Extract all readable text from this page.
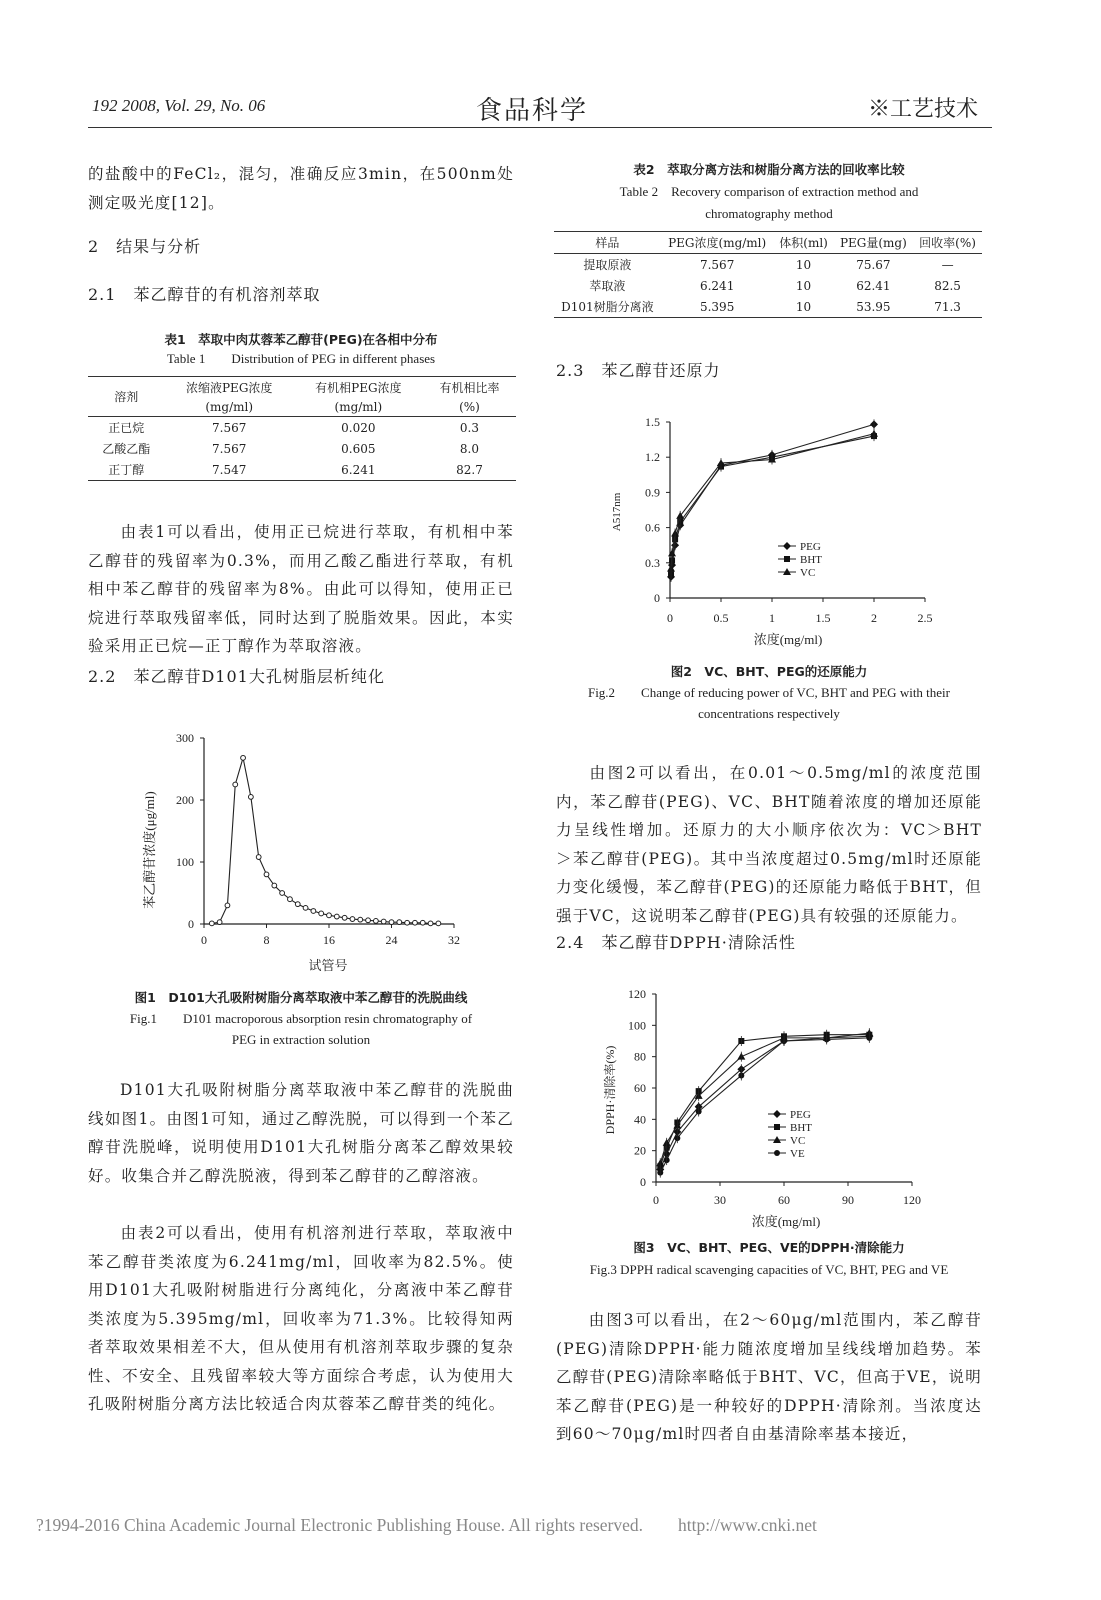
192 2008, Vol. 29, No. 06	食品科学	※工艺技术
的盐酸中的FeCl₂，混匀，准确反应3min，在500nm处测定吸光度[12]。
2　结果与分析
2.1　苯乙醇苷的有机溶剂萃取
表1　萃取中肉苁蓉苯乙醇苷(PEG)在各相中分布
Table 1　　Distribution of PEG in different phases
溶剂	浓缩液PEG浓度	有机相PEG浓度	有机相比率
	(mg/ml)	(mg/ml)	(%)
正已烷	7.567	0.020	0.3
乙酸乙酯	7.567	0.605	8.0
正丁醇	7.547	6.241	82.7
由表1可以看出，使用正已烷进行萃取，有机相中苯乙醇苷的残留率为0.3%，而用乙酸乙酯进行萃取，有机相中苯乙醇苷的残留率为8%。由此可以得知，使用正已烷进行萃取残留率低，同时达到了脱脂效果。因此，本实验采用正已烷—正丁醇作为萃取溶液。
2.2　苯乙醇苷D101大孔树脂层析纯化
0	8	16	24	32
0
100
200
300
苯乙醇苷浓度(μg/ml)
试管号
图1　D101大孔吸附树脂分离萃取液中苯乙醇苷的洗脱曲线
Fig.1　　D101 macroporous absorption resin chromatography of
PEG in extraction solution
D101大孔吸附树脂分离萃取液中苯乙醇苷的洗脱曲线如图1。由图1可知，通过乙醇洗脱，可以得到一个苯乙醇苷洗脱峰，说明使用D101大孔树脂分离苯乙醇效果较好。收集合并乙醇洗脱液，得到苯乙醇苷的乙醇溶液。
由表2可以看出，使用有机溶剂进行萃取，萃取液中苯乙醇苷类浓度为6.241mg/ml，回收率为82.5%。使用D101大孔吸附树脂进行分离纯化，分离液中苯乙醇苷类浓度为5.395mg/ml，回收率为71.3%。比较得知两者萃取效果相差不大，但从使用有机溶剂萃取步骤的复杂性、不安全、且残留率较大等方面综合考虑，认为使用大孔吸附树脂分离方法比较适合肉苁蓉苯乙醇苷类的纯化。
表2　萃取分离方法和树脂分离方法的回收率比较
Table 2　Recovery comparison of extraction method and
chromatography method
样品	PEG浓度(mg/ml)	体积(ml)	PEG量(mg)	回收率(%)
提取原液	7.567	10	75.67	—
萃取液	6.241	10	62.41	82.5
D101树脂分离液	5.395	10	53.95	71.3
2.3　苯乙醇苷还原力
0	0.5	1	1.5	2	2.5
0
0.3
0.6
0.9
1.2
1.5
PEG
BHT
VC
A517nm
浓度(mg/ml)
图2　VC、BHT、PEG的还原能力
Fig.2　　Change of reducing power of VC, BHT and PEG with their
concentrations respectively
由图2可以看出，在0.01～0.5mg/ml的浓度范围内，苯乙醇苷(PEG)、VC、BHT随着浓度的增加还原能力呈线性增加。还原力的大小顺序依次为：VC＞BHT　＞苯乙醇苷(PEG)。其中当浓度超过0.5mg/ml时还原能力变化缓慢，苯乙醇苷(PEG)的还原能力略低于BHT，但强于VC，这说明苯乙醇苷(PEG)具有较强的还原能力。
2.4　苯乙醇苷DPPH·清除活性
0	30	60	90	120
0
20
40
60
80
100
120
PEG
BHT
VC
VE
DPPH·清除率(%)
浓度(mg/ml)
图3　VC、BHT、PEG、VE的DPPH·清除能力
Fig.3 DPPH radical scavenging capacities of VC, BHT, PEG and VE
由图3可以看出，在2～60μg/ml范围内，苯乙醇苷(PEG)清除DPPH·能力随浓度增加呈线线增加趋势。苯乙醇苷(PEG)清除率略低于BHT、VC，但高于VE，说明苯乙醇苷(PEG)是一种较好的DPPH·清除剂。当浓度达到60～70μg/ml时四者自由基清除率基本接近，
?1994-2016 China Academic Journal Electronic Publishing House. All rights reserved.　　http://www.cnki.net
